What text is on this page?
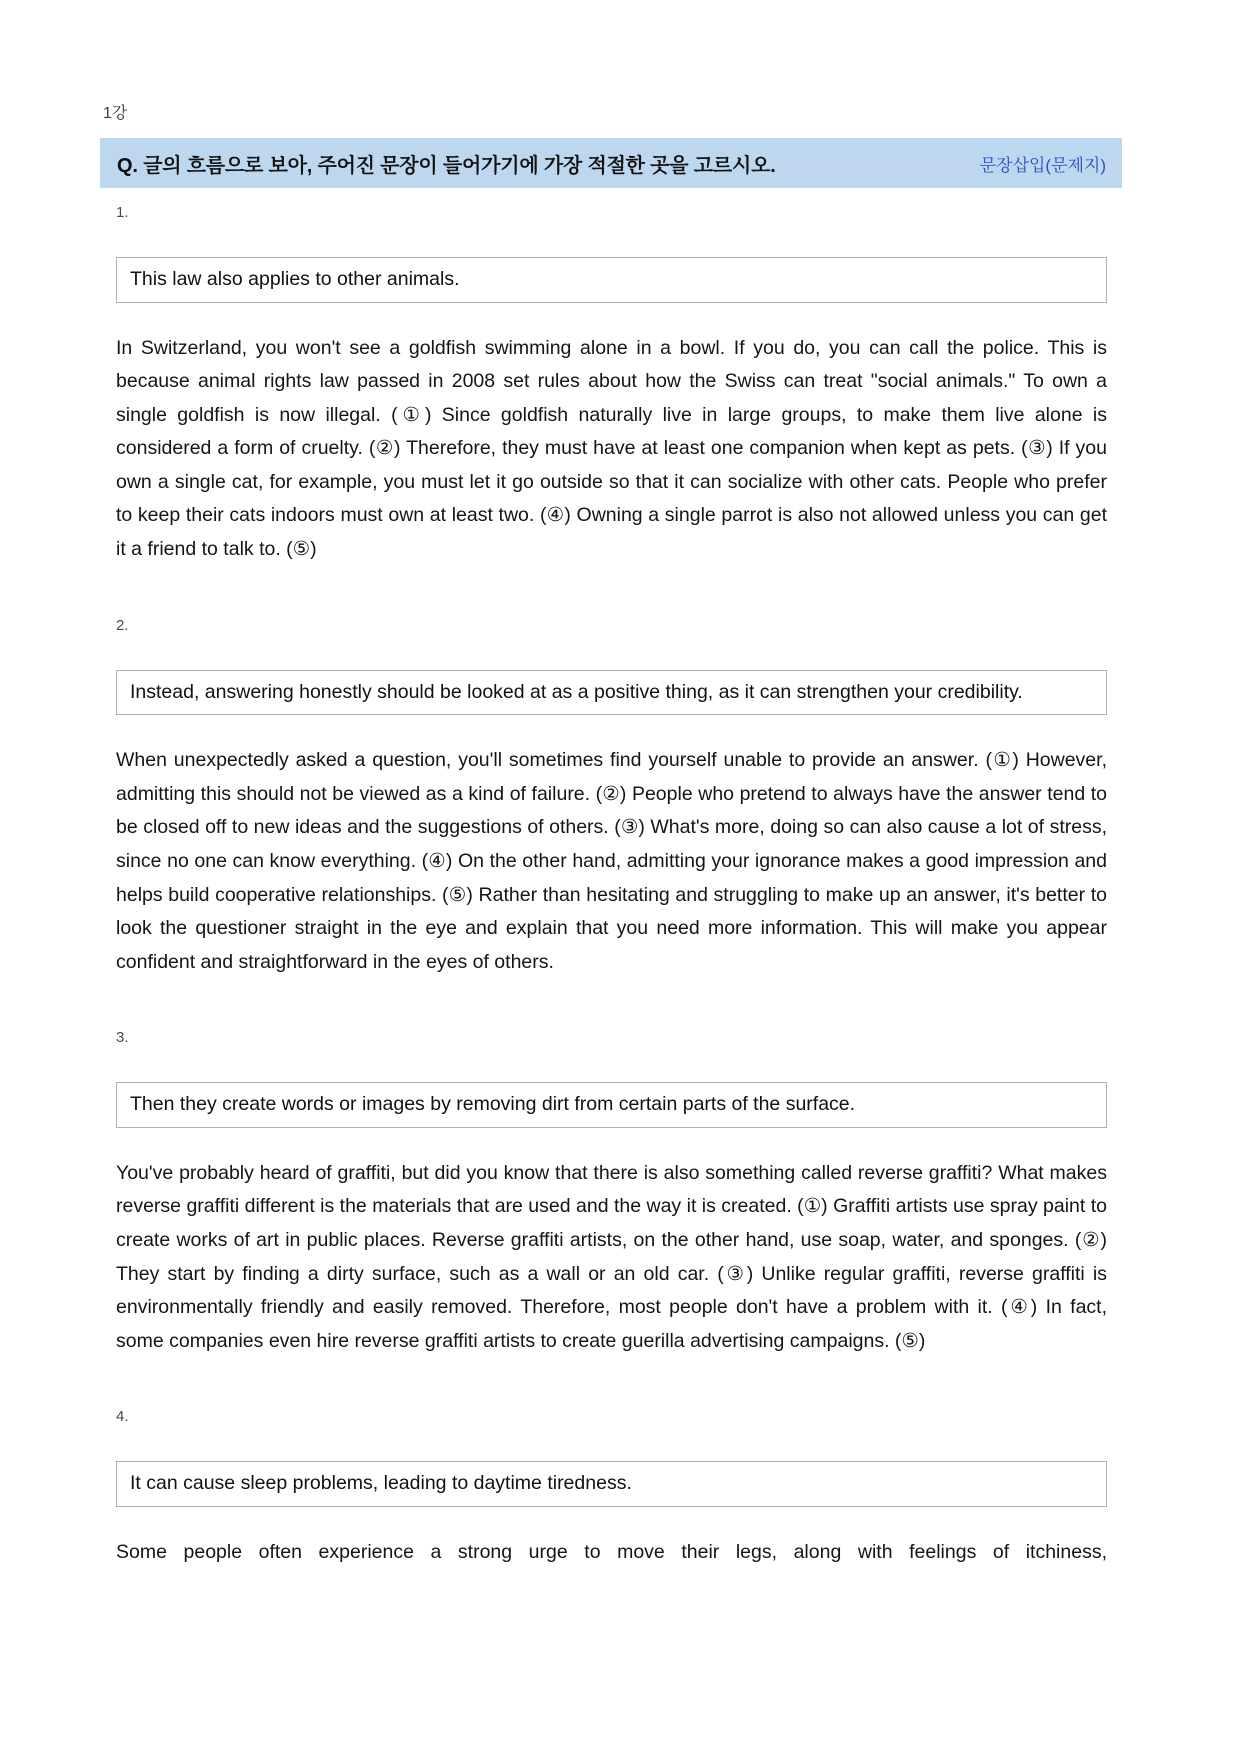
1강
Q. 글의 흐름으로 보아, 주어진 문장이 들어가기에 가장 적절한 곳을 고르시오.	문장삽입(문제지)
1.
This law also applies to other animals.

In Switzerland, you won't see a goldfish swimming alone in a bowl. If you do, you can call the police. This is because animal rights law passed in 2008 set rules about how the Swiss can treat "social animals." To own a single goldfish is now illegal. (①) Since goldfish naturally live in large groups, to make them live alone is considered a form of cruelty. (②) Therefore, they must have at least one companion when kept as pets. (③) If you own a single cat, for example, you must let it go outside so that it can socialize with other cats. People who prefer to keep their cats indoors must own at least two. (④) Owning a single parrot is also not allowed unless you can get it a friend to talk to. (⑤)

2.
Instead, answering honestly should be looked at as a positive thing, as it can strengthen your credibility.

When unexpectedly asked a question, you'll sometimes find yourself unable to provide an answer. (①) However, admitting this should not be viewed as a kind of failure. (②) People who pretend to always have the answer tend to be closed off to new ideas and the suggestions of others. (③) What's more, doing so can also cause a lot of stress, since no one can know everything. (④) On the other hand, admitting your ignorance makes a good impression and helps build cooperative relationships. (⑤) Rather than hesitating and struggling to make up an answer, it's better to look the questioner straight in the eye and explain that you need more information. This will make you appear confident and straightforward in the eyes of others.

3.
Then they create words or images by removing dirt from certain parts of the surface.

You've probably heard of graffiti, but did you know that there is also something called reverse graffiti? What makes reverse graffiti different is the materials that are used and the way it is created. (①) Graffiti artists use spray paint to create works of art in public places. Reverse graffiti artists, on the other hand, use soap, water, and sponges. (②) They start by finding a dirty surface, such as a wall or an old car. (③) Unlike regular graffiti, reverse graffiti is environmentally friendly and easily removed. Therefore, most people don't have a problem with it. (④) In fact, some companies even hire reverse graffiti artists to create guerilla advertising campaigns. (⑤)

4.
It can cause sleep problems, leading to daytime tiredness.

Some people often experience a strong urge to move their legs, along with feelings of itchiness,
